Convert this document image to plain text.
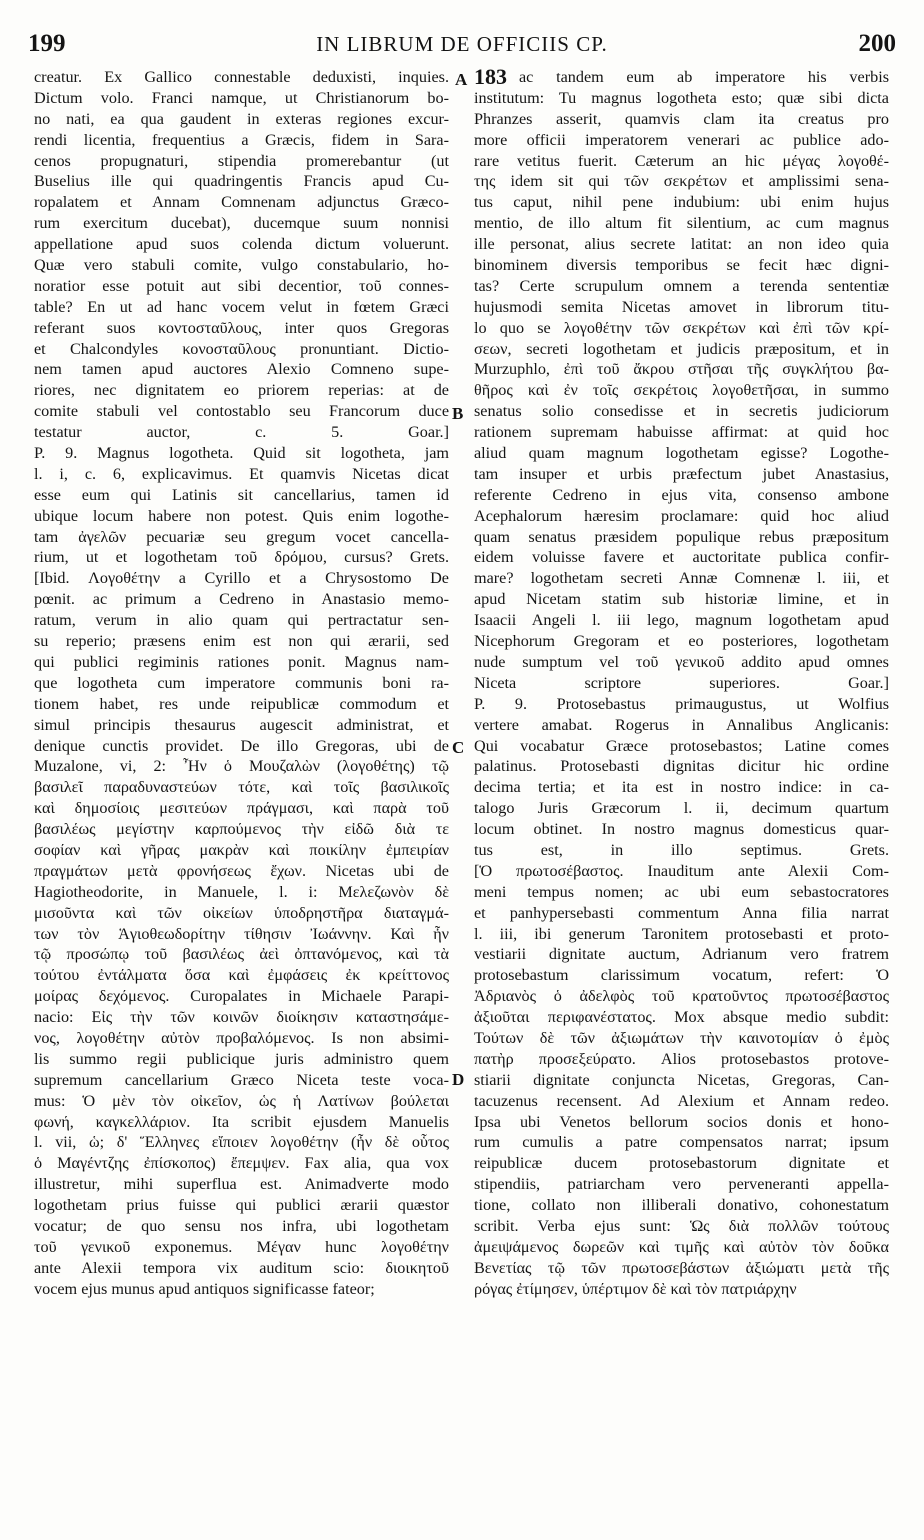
199	IN LIBRUM DE OFFICIIS CP.	200
A
B
C
D
creatur. Ex Gallico connestable deduxisti, inquies.
Dictum volo. Franci namque, ut Christianorum bo-
no nati, ea qua gaudent in exteras regiones excur-
rendi licentia, frequentius a Græcis, fidem in Sara-
cenos propugnaturi, stipendia promerebantur (ut
Buselius ille qui quadringentis Francis apud Cu-
ropalatem et Annam Comnenam adjunctus Græco-
rum exercitum ducebat), ducemque suum nonnisi
appellatione apud suos colenda dictum voluerunt.
Quæ vero stabuli comite, vulgo constabulario, ho-
noratior esse potuit aut sibi decentior, τοῦ connes-
table? En ut ad hanc vocem velut in fœtem Græci
referant suos κοντοσταῦλους, inter quos Gregoras
et Chalcondyles κονοσταῦλους pronuntiant. Dictio-
nem tamen apud auctores Alexio Comneno supe-
riores, nec dignitatem eo priorem reperias: at de
comite stabuli vel contostablo seu Francorum duce
testatur auctor, c. 5. Goar.]
P. 9. Magnus logotheta. Quid sit logotheta, jam
l. i, c. 6, explicavimus. Et quamvis Nicetas dicat
esse eum qui Latinis sit cancellarius, tamen id
ubique locum habere non potest. Quis enim logothe-
tam ἀγελῶν pecuariæ seu gregum vocet cancella-
rium, ut et logothetam τοῦ δρόμου, cursus? Grets.
[Ibid. Λογοθέτην a Cyrillo et a Chrysostomo De
pœnit. ac primum a Cedreno in Anastasio memo-
ratum, verum in alio quam qui pertractatur sen-
su reperio; præsens enim est non qui ærarii, sed
qui publici regiminis rationes ponit. Magnus nam-
que logotheta cum imperatore communis boni ra-
tionem habet, res unde reipublicæ commodum et
simul principis thesaurus augescit administrat, et
denique cunctis providet. De illo Gregoras, ubi de
Muzalone, vi, 2: Ἦν ὁ Μουζαλὼν (λογοθέτης) τῷ
βασιλεῖ παραδυναστεύων τότε, καὶ τοῖς βασιλικοῖς
καὶ δημοσίοις μεσιτεύων πράγμασι, καὶ παρὰ τοῦ
βασιλέως μεγίστην καρπούμενος τὴν εἰδῶ διὰ τε
σοφίαν καὶ γῆρας μακρὰν καὶ ποικίλην ἐμπειρίαν
πραγμάτων μετὰ φρονήσεως ἔχων. Nicetas ubi de
Hagiotheodorite, in Manuele, l. i: Μελεζωνὸν δὲ
μισοῦντα καὶ τῶν οἰκείων ὑποδρηστῆρα διαταγμά-
των τὸν Ἁγιοθεωδορίτην τίθησιν Ἰωάννην. Καὶ ἦν
τῷ προσώπῳ τοῦ βασιλέως ἀεὶ ὀπτανόμενος, καὶ τὰ
τούτου ἐντάλματα ὅσα καὶ ἐμφάσεις ἐκ κρείττονος
μοίρας δεχόμενος. Curopalates in Michaele Parapi-
nacio: Εἰς τὴν τῶν κοινῶν διοίκησιν καταστησάμε-
νος, λογοθέτην αὐτὸν προβαλόμενος. Is non absimi-
lis summo regii publicique juris administro quem
supremum cancellarium Græco Niceta teste voca-
mus: Ὁ μὲν τὸν οἰκεῖον, ὡς ἡ Λατίνων βούλεται
φωνή, καγκελλάριον. Ita scribit ejusdem Manuelis
l. vii, ὡ; δ' Ἕλληνες εἴποιεν λογοθέτην (ἦν δὲ οὗτος
ὁ Μαγέντζης ἐπίσκοπος) ἔπεμψεν. Fax alia, qua vox
illustretur, mihi superflua est. Animadverte modo
logothetam prius fuisse qui publici ærarii quæstor
vocatur; de quo sensu nos infra, ubi logothetam
τοῦ γενικοῦ exponemus. Μέγαν hunc λογοθέτην
ante Alexii tempora vix auditum scio: διοικητοῦ
vocem ejus munus apud antiquos significasse fateor;
183 ac tandem eum ab imperatore his verbis
institutum: Tu magnus logotheta esto; quæ sibi dicta
Phranzes asserit, quamvis clam ita creatus pro
more officii imperatorem venerari ac publice ado-
rare vetitus fuerit. Cæterum an hic μέγας λογοθέ-
της idem sit qui τῶν σεκρέτων et amplissimi sena-
tus caput, nihil pene indubium: ubi enim hujus
mentio, de illo altum fit silentium, ac cum magnus
ille personat, alius secrete latitat: an non ideo quia
binominem diversis temporibus se fecit hæc digni-
tas? Certe scrupulum omnem a terenda sententiæ
hujusmodi semita Nicetas amovet in librorum titu-
lo quo se λογοθέτην τῶν σεκρέτων καὶ ἐπὶ τῶν κρί-
σεων, secreti logothetam et judicis præpositum, et in
Murzuphlo, ἐπὶ τοῦ ἄκρου στῆσαι τῆς συγκλήτου βα-
θῆρος καὶ ἐν τοῖς σεκρέτοις λογοθετῆσαι, in summo
senatus solio consedisse et in secretis judiciorum
rationem supremam habuisse affirmat: at quid hoc
aliud quam magnum logothetam egisse? Logothe-
tam insuper et urbis præfectum jubet Anastasius,
referente Cedreno in ejus vita, consenso ambone
Acephalorum hæresim proclamare: quid hoc aliud
quam senatus præsidem populique rebus præpositum
eidem voluisse favere et auctoritate publica confir-
mare? logothetam secreti Annæ Comnenæ l. iii, et
apud Nicetam statim sub historiæ limine, et in
Isaacii Angeli l. iii lego, magnum logothetam apud
Nicephorum Gregoram et eo posteriores, logothetam
nude sumptum vel τοῦ γενικοῦ addito apud omnes
Niceta scriptore superiores. Goar.]
P. 9. Protosebastus primaugustus, ut Wolfius
vertere amabat. Rogerus in Annalibus Anglicanis:
Qui vocabatur Græce protosebastos; Latine comes
palatinus. Protosebasti dignitas dicitur hic ordine
decima tertia; et ita est in nostro indice: in ca-
talogo Juris Græcorum l. ii, decimum quartum
locum obtinet. In nostro magnus domesticus quar-
tus est, in illo septimus. Grets.
[Ὁ πρωτοσέβαστος. Inauditum ante Alexii Com-
meni tempus nomen; ac ubi eum sebastocratores
et panhypersebasti commentum Anna filia narrat
l. iii, ibi generum Taronitem protosebasti et proto-
vestiarii dignitate auctum, Adrianum vero fratrem
protosebastum clarissimum vocatum, refert: Ὁ
Ἀδριανὸς ὁ ἀδελφὸς τοῦ κρατοῦντος πρωτοσέβαστος
ἀξιοῦται περιφανέστατος. Mox absque medio subdit:
Τούτων δὲ τῶν ἀξιωμάτων τὴν καινοτομίαν ὁ ἐμὸς
πατὴρ προσεξεύρατο. Alios protosebastos protove-
stiarii dignitate conjuncta Nicetas, Gregoras, Can-
tacuzenus recensent. Ad Alexium et Annam redeo.
Ipsa ubi Venetos bellorum socios donis et hono-
rum cumulis a patre compensatos narrat; ipsum
reipublicæ ducem protosebastorum dignitate et
stipendiis, patriarcham vero perveneranti appella-
tione, collato non illiberali donativo, cohonestatum
scribit. Verba ejus sunt: Ὡς διὰ πολλῶν τούτους
ἀμειψάμενος δωρεῶν καὶ τιμῆς καὶ αὐτὸν τὸν δοῦκα
Βενετίας τῷ τῶν πρωτοσεβάστων ἀξιώματι μετὰ τῆς
ρόγας ἐτίμησεν, ὑπέρτιμον δὲ καὶ τὸν πατριάρχην
